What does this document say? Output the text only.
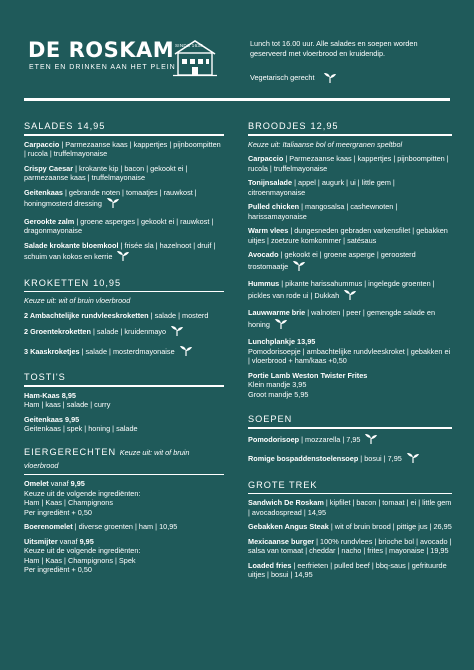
DE ROSKAM SINDS 1630
ETEN EN DRINKEN AAN HET PLEIN
Lunch tot 16.00 uur. Alle salades en soepen worden geserveerd met vloerbrood en kruidendip.
Vegetarisch gerecht
SALADES 14,95
Carpaccio | Parmezaanse kaas | kappertjes | pijnboompitten | rucola | truffelmayonaise
Crispy Caesar | krokante kip | bacon | gekookt ei | parmezaanse kaas | truffelmayonaise
Geitenkaas | gebrande noten | tomaatjes | rauwkost | honingmosterd dressing
Gerookte zalm | groene asperges | gekookt ei | rauwkost | dragonmayonaise
Salade krokante bloemkool | frisée sla | hazelnoot | druif | schuim van kokos en kerrie
KROKETTEN 10,95
Keuze uit: wit of bruin vloerbrood
2 Ambachtelijke rundvleeskroketten | salade | mosterd
2 Groentekroketten | salade | kruidenmayo
3 Kaaskroketjes | salade | mosterdmayonaise
TOSTI'S
Ham-Kaas 8,95
Ham | kaas | salade | curry
Geitenkaas 9,95
Geitenkaas | spek | honing | salade
EIERGERECHTEN Keuze uit: wit of bruin vloerbrood
Omelet vanaf 9,95
Keuze uit de volgende ingrediënten:
Ham | Kaas | Champignons
Per ingrediënt + 0,50
Boerenomelet | diverse groenten | ham | 10,95
Uitsmijter vanaf 9,95
Keuze uit de volgende ingrediënten:
Ham | Kaas | Champignons | Spek
Per ingrediënt + 0,50
BROODJES 12,95
Keuze uit: Italiaanse bol of meergranen speltbol
Carpaccio | Parmezaanse kaas | kappertjes | pijnboompitten | rucola | truffelmayonaise
Tonijnsalade | appel | augurk | ui | little gem | citroenmayonaise
Pulled chicken | mangosalsa | cashewnoten | harissamayonaise
Warm vlees | dungesneden gebraden varkensfilet | gebakken uitjes | zoetzure komkommer | satésaus
Avocado | gekookt ei | groene asperge | geroosterd trostomaatje
Hummus | pikante harissahummus | ingelegde groenten | pickles van rode ui | Dukkah
Lauwwarme brie | walnoten | peer | gemengde salade en honing
Lunchplankje 13,95
Pomodorisoepje | ambachtelijke rundvleeskroket | gebakken ei | vloerbrood + ham/kaas +0,50
Portie Lamb Weston Twister Frites
Klein mandje 3,95
Groot mandje 5,95
SOEPEN
Pomodorisoep | mozzarella | 7,95
Romige bospaddenstoelensoep | bosui | 7,95
GROTE TREK
Sandwich De Roskam | kipfilet | bacon | tomaat | ei | little gem | avocadospread | 14,95
Gebakken Angus Steak | wit of bruin brood | pittige jus | 26,95
Mexicaanse burger | 100% rundvlees | brioche bol | avocado | salsa van tomaat | cheddar | nacho | frites | mayonaise | 19,95
Loaded fries | eerfrieten | pulled beef | bbq-saus | gefrituurde uitjes | bosui | 14,95
